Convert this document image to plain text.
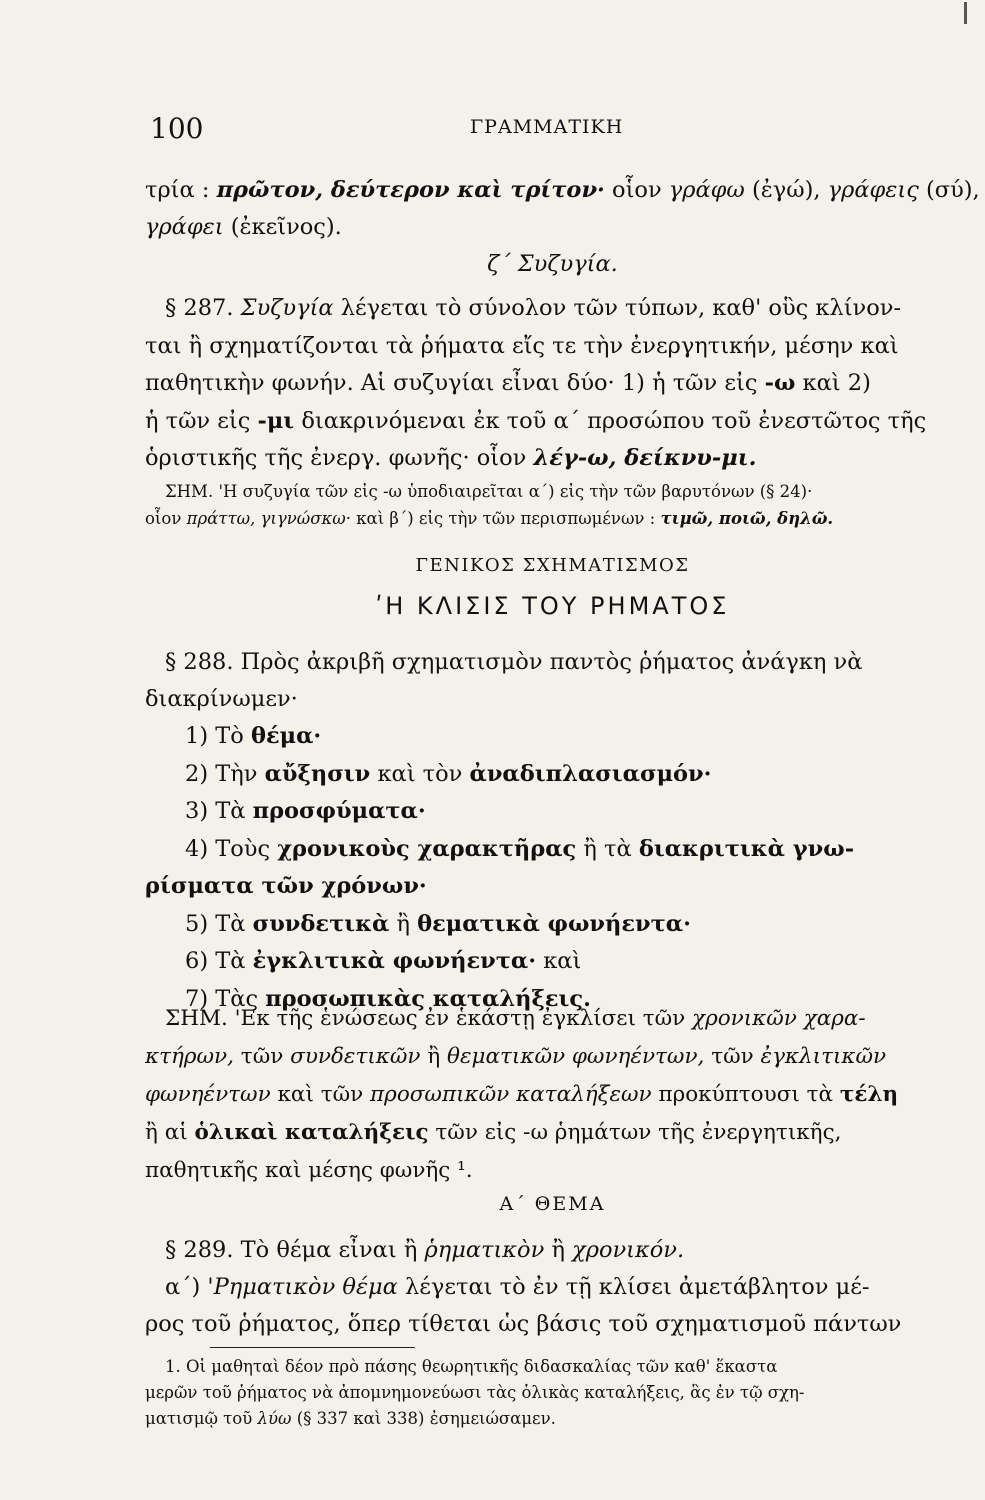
100	ΓΡΑΜΜΑΤΙΚΗ
τρία : πρῶτον, δεύτερον καὶ τρίτον· οἷον γράφω (ἐγώ), γράφεις (σύ),
γράφει (ἐκεῖνος).
ζ΄ Συζυγία.
§ 287. Συζυγία λέγεται τὸ σύνολον τῶν τύπων, καθ' οὓς κλίνον-
ται ἢ σχηματίζονται τὰ ῥήματα εἴς τε τὴν ἐνεργητικήν, μέσην καὶ
παθητικὴν φωνήν. Αἱ συζυγίαι εἶναι δύο· 1) ἡ τῶν εἰς -ω καὶ 2)
ἡ τῶν εἰς -μι διακρινόμεναι ἐκ τοῦ α΄ προσώπου τοῦ ἐνεστῶτος τῆς
ὁριστικῆς τῆς ἐνεργ. φωνῆς· οἷον λέγ-ω, δείκνυ-μι.
ΣΗΜ. 'Η συζυγία τῶν εἰς -ω ὑποδιαιρεῖται α΄) εἰς τὴν τῶν βαρυτόνων (§ 24)·
οἷον πράττω, γιγνώσκω· καὶ β΄) εἰς τὴν τῶν περισπωμένων : τιμῶ, ποιῶ, δηλῶ.
ΓΕΝΙΚΟΣ ΣΧΗΜΑΤΙΣΜΟΣ
ʹΗ ΚΛΙΣΙΣ ΤΟΥ ΡΗΜΑΤΟΣ
§ 288. Πρὸς ἀκριβῆ σχηματισμὸν παντὸς ῥήματος ἀνάγκη νὰ
διακρίνωμεν·
1) Τὸ θέμα·
2) Τὴν αὔξησιν καὶ τὸν ἀναδιπλασιασμόν·
3) Τὰ προσφύματα·
4) Τοὺς χρονικοὺς χαρακτῆρας ἢ τὰ διακριτικὰ γνω-
ρίσματα τῶν χρόνων·
5) Τὰ συνδετικὰ ἢ θεματικὰ φωνήεντα·
6) Τὰ ἐγκλιτικὰ φωνήεντα· καὶ
7) Τὰς προσωπικὰς καταλήξεις.
ΣΗΜ. 'Εκ τῆς ἑνώσεως ἐν ἑκάστῃ ἐγκλίσει τῶν χρονικῶν χαρα-
κτήρων, τῶν συνδετικῶν ἢ θεματικῶν φωνηέντων, τῶν ἐγκλιτικῶν
φωνηέντων καὶ τῶν προσωπικῶν καταλήξεων προκύπτουσι τὰ τέλη
ἢ αἱ ὁλικαὶ καταλήξεις τῶν εἰς -ω ῥημάτων τῆς ἐνεργητικῆς,
παθητικῆς καὶ μέσης φωνῆς ¹.
Α΄ ΘΕΜΑ
§ 289. Τὸ θέμα εἶναι ἢ ῥηματικὸν ἢ χρονικόν.
α΄) 'Ρηματικὸν θέμα λέγεται τὸ ἐν τῇ κλίσει ἀμετάβλητον μέ-
ρος τοῦ ῥήματος, ὅπερ τίθεται ὡς βάσις τοῦ σχηματισμοῦ πάντων
1. Οἱ μαθηταὶ δέον πρὸ πάσης θεωρητικῆς διδασκαλίας τῶν καθ' ἕκαστα
μερῶν τοῦ ῥήματος νὰ ἀπομνημονεύωσι τὰς ὁλικὰς καταλήξεις, ἃς ἐν τῷ σχη-
ματισμῷ τοῦ λύω (§ 337 καὶ 338) ἐσημειώσαμεν.
